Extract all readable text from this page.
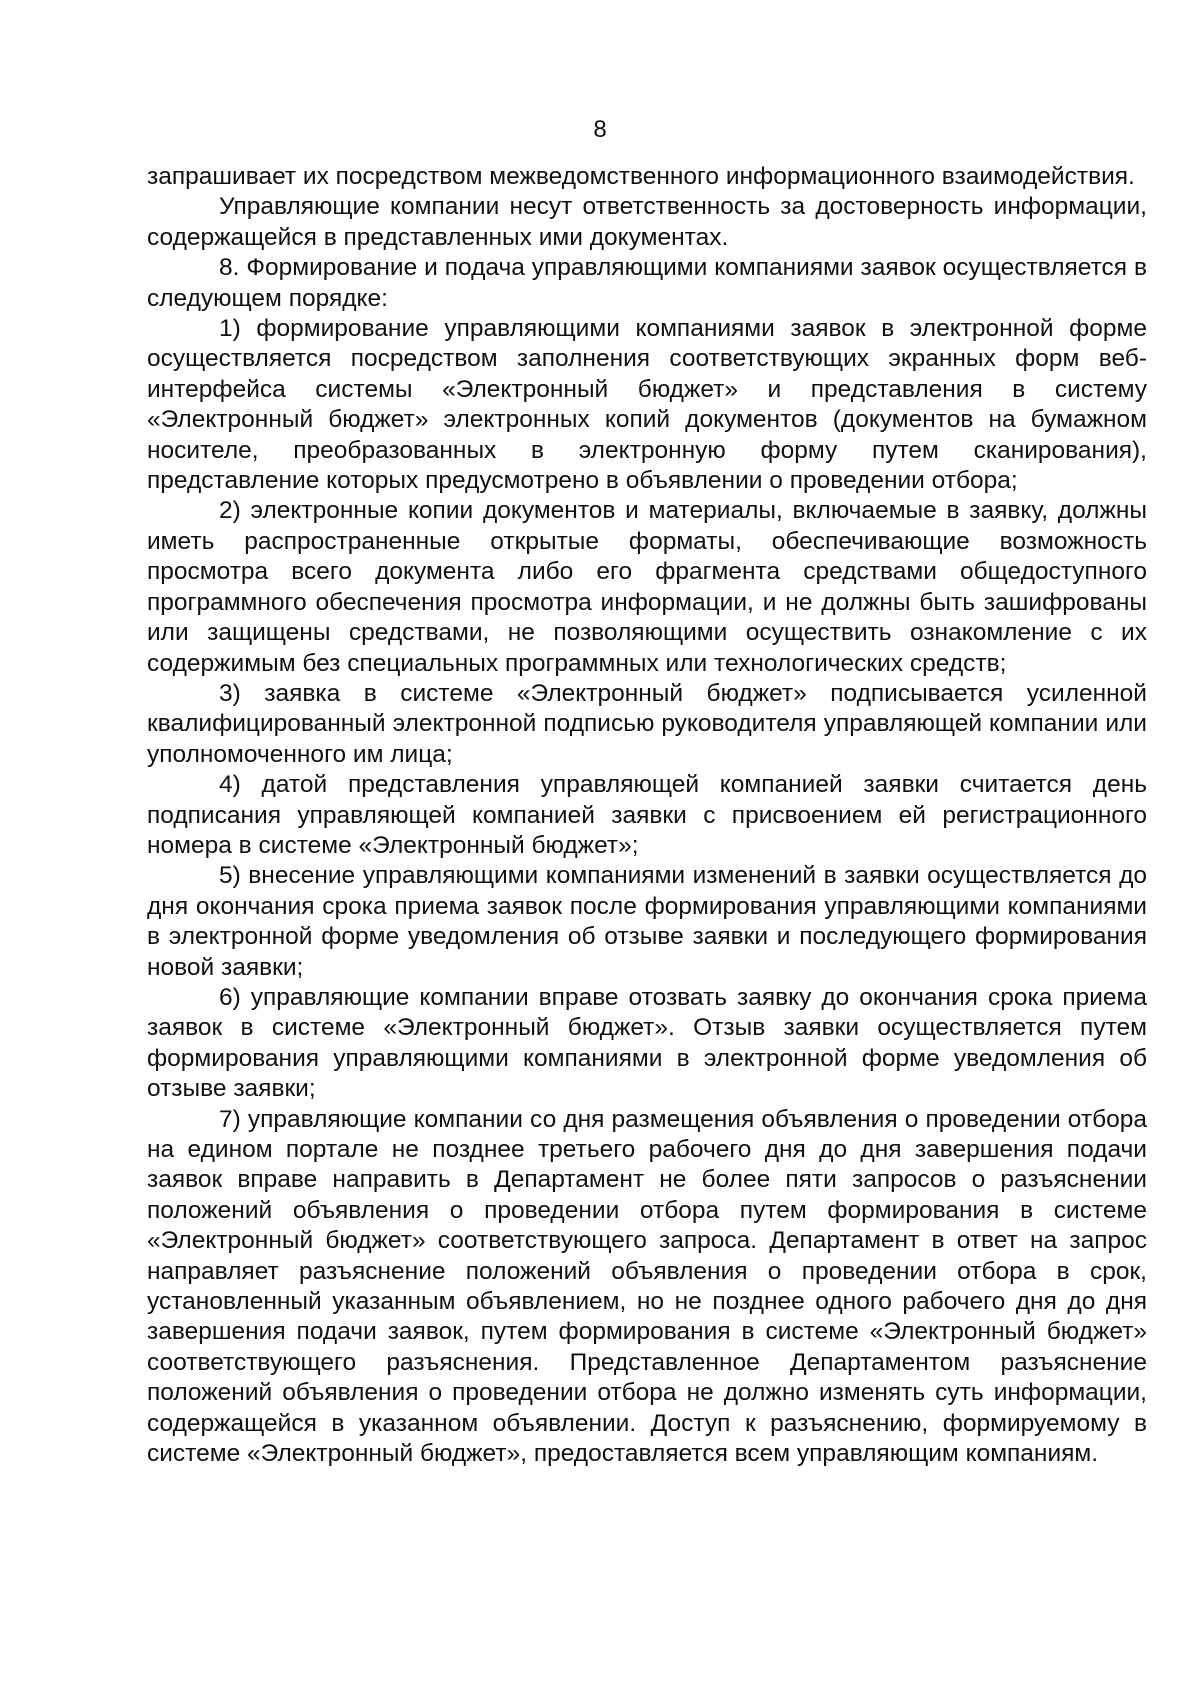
8

запрашивает их посредством межведомственного информационного взаимодействия.

Управляющие компании несут ответственность за достоверность информации, содержащейся в представленных ими документах.

8. Формирование и подача управляющими компаниями заявок осуществляется в следующем порядке:

1) формирование управляющими компаниями заявок в электронной форме осуществляется посредством заполнения соответствующих экранных форм веб-интерфейса системы «Электронный бюджет» и представления в систему «Электронный бюджет» электронных копий документов (документов на бумажном носителе, преобразованных в электронную форму путем сканирования), представление которых предусмотрено в объявлении о проведении отбора;

2) электронные копии документов и материалы, включаемые в заявку, должны иметь распространенные открытые форматы, обеспечивающие возможность просмотра всего документа либо его фрагмента средствами общедоступного программного обеспечения просмотра информации, и не должны быть зашифрованы или защищены средствами, не позволяющими осуществить ознакомление с их содержимым без специальных программных или технологических средств;

3) заявка в системе «Электронный бюджет» подписывается усиленной квалифицированный электронной подписью руководителя управляющей компании или уполномоченного им лица;

4) датой представления управляющей компанией заявки считается день подписания управляющей компанией заявки с присвоением ей регистрационного номера в системе «Электронный бюджет»;

5) внесение управляющими компаниями изменений в заявки осуществляется до дня окончания срока приема заявок после формирования управляющими компаниями в электронной форме уведомления об отзыве заявки и последующего формирования новой заявки;

6) управляющие компании вправе отозвать заявку до окончания срока приема заявок в системе «Электронный бюджет». Отзыв заявки осуществляется путем формирования управляющими компаниями в электронной форме уведомления об отзыве заявки;

7) управляющие компании со дня размещения объявления о проведении отбора на едином портале не позднее третьего рабочего дня до дня завершения подачи заявок вправе направить в Департамент не более пяти запросов о разъяснении положений объявления о проведении отбора путем формирования в системе «Электронный бюджет» соответствующего запроса. Департамент в ответ на запрос направляет разъяснение положений объявления о проведении отбора в срок, установленный указанным объявлением, но не позднее одного рабочего дня до дня завершения подачи заявок, путем формирования в системе «Электронный бюджет» соответствующего разъяснения. Представленное Департаментом разъяснение положений объявления о проведении отбора не должно изменять суть информации, содержащейся в указанном объявлении. Доступ к разъяснению, формируемому в системе «Электронный бюджет», предоставляется всем управляющим компаниям.
